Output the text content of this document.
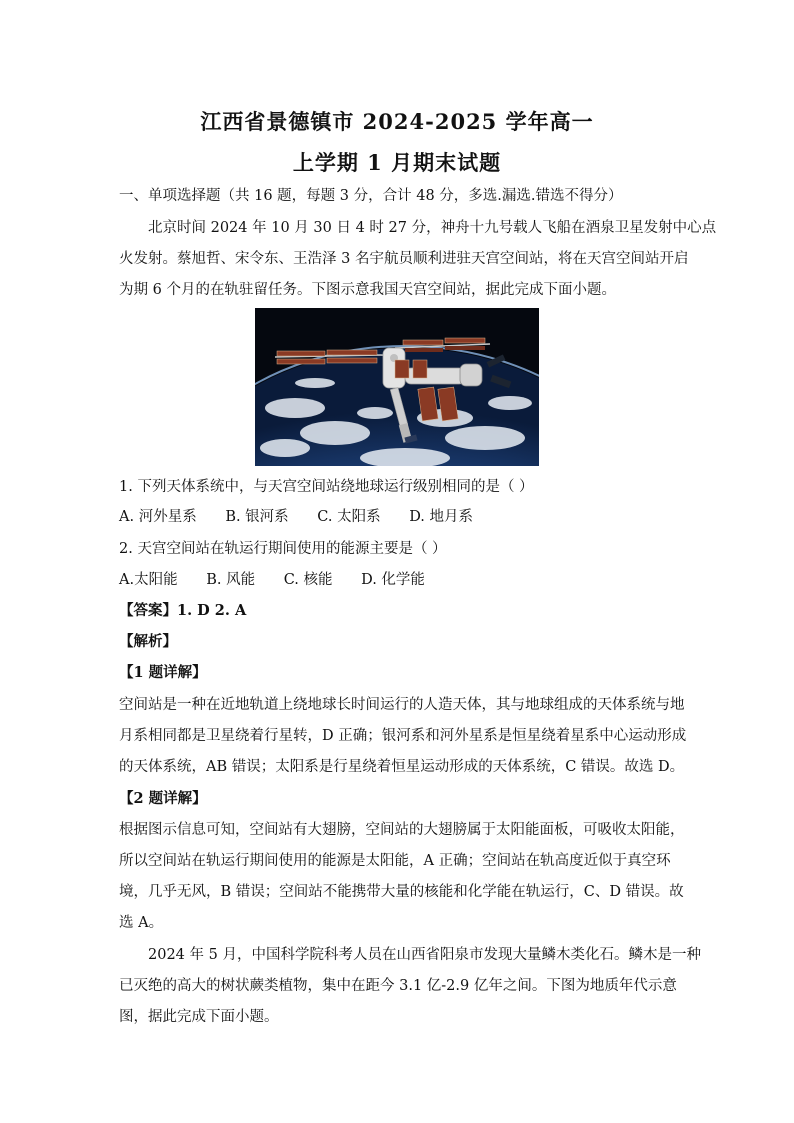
江西省景德镇市 2024-2025 学年高一
上学期 1 月期末试题
一、单项选择题（共 16 题，每题 3 分，合计 48 分，多选.漏选.错选不得分）
北京时间 2024 年 10 月 30 日 4 时 27 分，神舟十九号载人飞船在酒泉卫星发射中心点
火发射。蔡旭哲、宋令东、王浩泽 3 名宇航员顺利进驻天宫空间站，将在天宫空间站开启
为期 6 个月的在轨驻留任务。下图示意我国天宫空间站，据此完成下面小题。
1. 下列天体系统中，与天宫空间站绕地球运行级别相同的是（ ）
A. 河外星系 B. 银河系 C. 太阳系 D. 地月系
2. 天宫空间站在轨运行期间使用的能源主要是（ ）
A.太阳能 B. 风能 C. 核能 D. 化学能
【答案】1. D 2. A
【解析】
【1 题详解】
空间站是一种在近地轨道上绕地球长时间运行的人造天体，其与地球组成的天体系统与地
月系相同都是卫星绕着行星转，D 正确；银河系和河外星系是恒星绕着星系中心运动形成
的天体系统，AB 错误；太阳系是行星绕着恒星运动形成的天体系统，C 错误。故选 D。
【2 题详解】
根据图示信息可知，空间站有大翅膀，空间站的大翅膀属于太阳能面板，可吸收太阳能，
所以空间站在轨运行期间使用的能源是太阳能，A 正确；空间站在轨高度近似于真空环
境，几乎无风，B 错误；空间站不能携带大量的核能和化学能在轨运行，C、D 错误。故
选 A。
2024 年 5 月，中国科学院科考人员在山西省阳泉市发现大量鳞木类化石。鳞木是一种
已灭绝的高大的树状蕨类植物，集中在距今 3.1 亿-2.9 亿年之间。下图为地质年代示意
图，据此完成下面小题。
